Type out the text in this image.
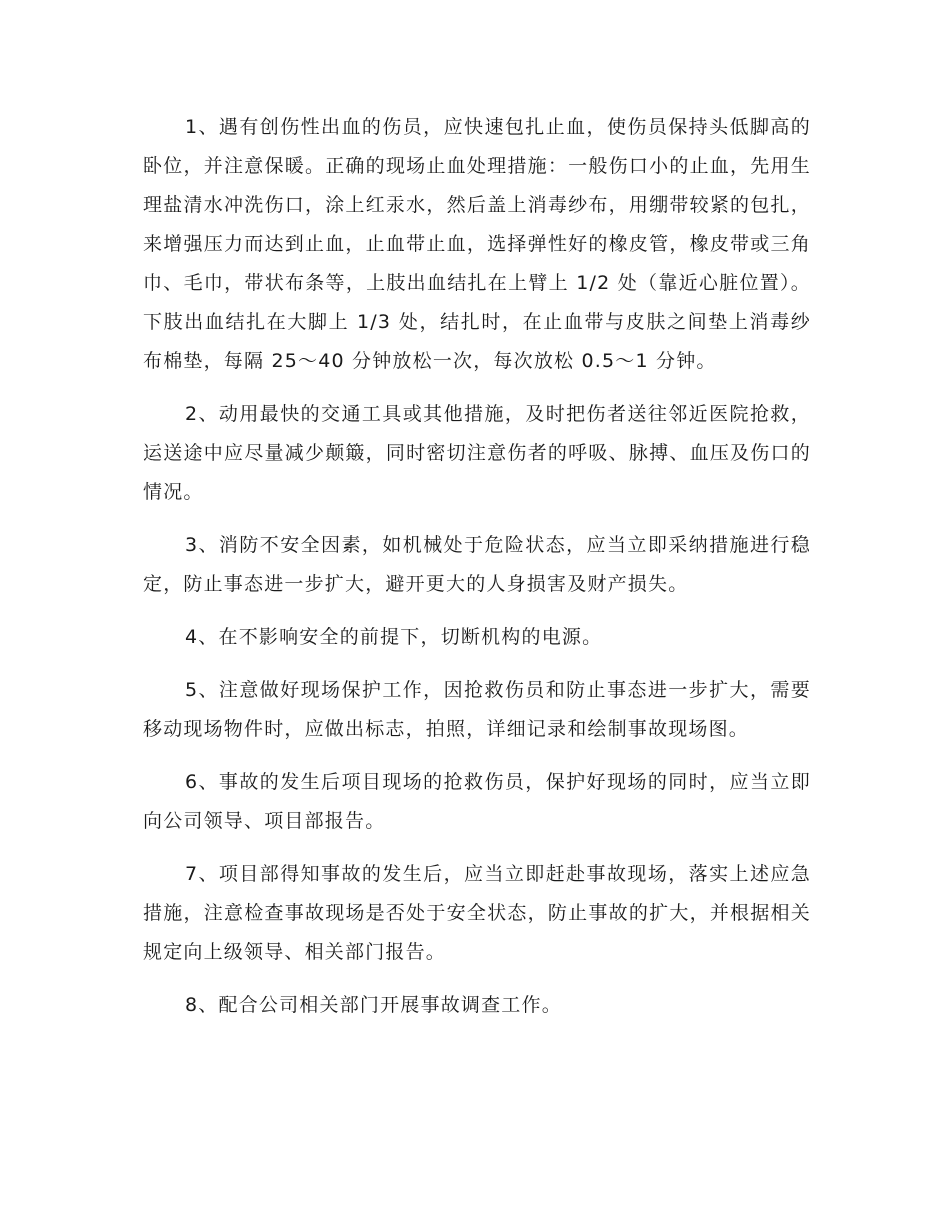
1、遇有创伤性出血的伤员，应快速包扎止血，使伤员保持头低脚高的卧位，并注意保暖。正确的现场止血处理措施：一般伤口小的止血，先用生理盐清水冲洗伤口，涂上红汞水，然后盖上消毒纱布，用绷带较紧的包扎，来增强压力而达到止血，止血带止血，选择弹性好的橡皮管，橡皮带或三角巾、毛巾，带状布条等，上肢出血结扎在上臂上 1/2 处（靠近心脏位置）。下肢出血结扎在大脚上 1/3 处，结扎时，在止血带与皮肤之间垫上消毒纱布棉垫，每隔 25～40 分钟放松一次，每次放松 0.5～1 分钟。

2、动用最快的交通工具或其他措施，及时把伤者送往邻近医院抢救，运送途中应尽量减少颠簸，同时密切注意伤者的呼吸、脉搏、血压及伤口的情况。

3、消防不安全因素，如机械处于危险状态，应当立即采纳措施进行稳定，防止事态进一步扩大，避开更大的人身损害及财产损失。

4、在不影响安全的前提下，切断机构的电源。

5、注意做好现场保护工作，因抢救伤员和防止事态进一步扩大，需要移动现场物件时，应做出标志，拍照，详细记录和绘制事故现场图。

6、事故的发生后项目现场的抢救伤员，保护好现场的同时，应当立即向公司领导、项目部报告。

7、项目部得知事故的发生后，应当立即赶赴事故现场，落实上述应急措施，注意检查事故现场是否处于安全状态，防止事故的扩大，并根据相关规定向上级领导、相关部门报告。

8、配合公司相关部门开展事故调查工作。
